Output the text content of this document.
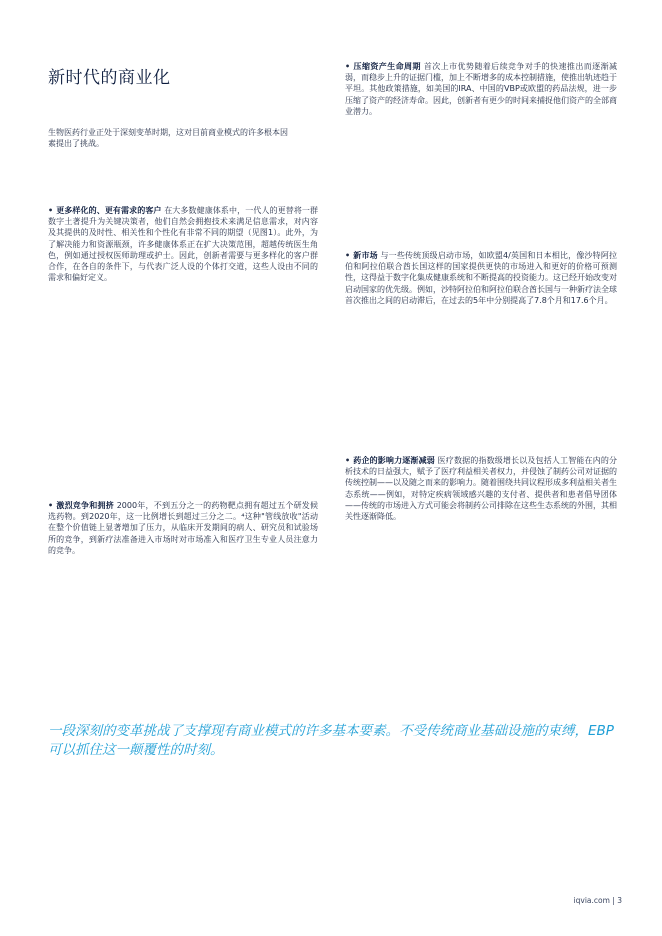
新时代的商业化
生物医药行业正处于深刻变革时期，这对目前商业模式的许多根本因素提出了挑战。
• 更多样化的、更有需求的客户 在大多数健康体系中，一代人的更替将一群数字土著提升为关键决策者，他们自然会拥抱技术来满足信息需求，对内容及其提供的及时性、相关性和个性化有非常不同的期望（见图1）。此外，为了解决能力和资源瓶颈，许多健康体系正在扩大决策范围，超越传统医生角色，例如通过授权医师助理或护士。因此，创新者需要与更多样化的客户群合作，在各自的条件下，与代表广泛人设的个体打交道，这些人设由不同的需求和偏好定义。
• 激烈竞争和拥挤 2000年，不到五分之一的药物靶点拥有超过五个研发候选药物。到2020年，这一比例增长到超过三分之二。⁴这种"管线放收"活动在整个价值链上显著增加了压力，从临床开发期间的病人、研究员和试验场所的竞争，到新疗法准备进入市场时对市场准入和医疗卫生专业人员注意力的竞争。
• 压缩资产生命周期 首次上市优势随着后续竞争对手的快速推出而逐渐减弱，而稳步上升的证据门槛，加上不断增多的成本控制措施，使推出轨迹趋于平坦。其他政策措施，如美国的IRA、中国的VBP或欧盟的药品法规，进一步压缩了资产的经济寿命。因此，创新者有更少的时间来捕捉他们资产的全部商业潜力。
• 新市场 与一些传统顶级启动市场，如欧盟4/英国和日本相比，像沙特阿拉伯和阿拉伯联合酋长国这样的国家提供更快的市场进入和更好的价格可预测性，这得益于数字化集成健康系统和不断提高的投资能力。这已经开始改变对启动国家的优先级。例如，沙特阿拉伯和阿拉伯联合酋长国与一种新疗法全球首次推出之间的启动滞后，在过去的5年中分别提高了7.8个月和17.6个月。
• 药企的影响力逐渐减弱 医疗数据的指数级增长以及包括人工智能在内的分析技术的日益强大，赋予了医疗利益相关者权力，并侵蚀了制药公司对证据的传统控制——以及随之而来的影响力。随着围绕共同议程形成多利益相关者生态系统——例如，对特定疾病领域感兴趣的支付者、提供者和患者倡导团体——传统的市场进入方式可能会将制药公司排除在这些生态系统的外围，其相关性逐渐降低。
一段深刻的变革挑战了支撑现有商业模式的许多基本要素。不受传统商业基础设施的束缚，EBP可以抓住这一颠覆性的时刻。
iqvia.com | 3
